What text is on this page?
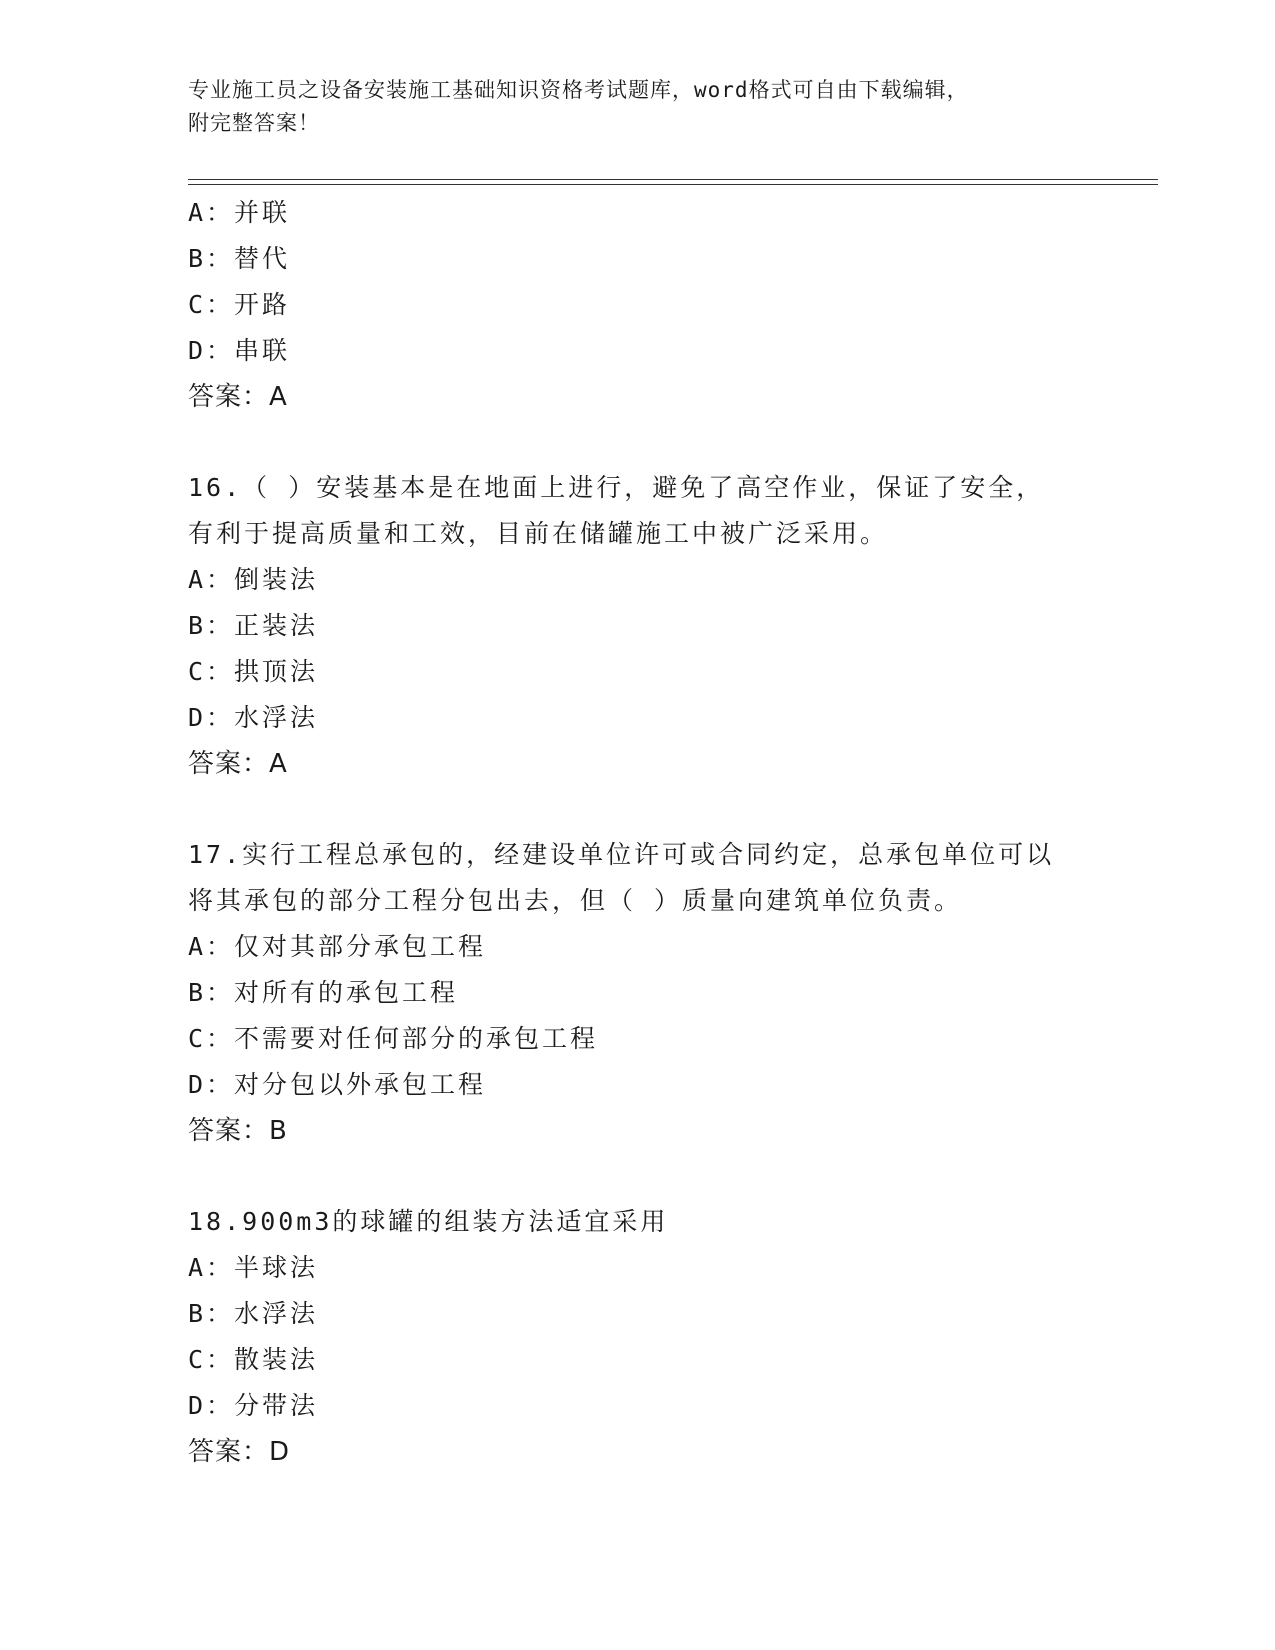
专业施工员之设备安装施工基础知识资格考试题库，word格式可自由下载编辑，
附完整答案！
A：并联
B：替代
C：开路
D：串联
答案：A
16.（ ）安装基本是在地面上进行，避免了高空作业，保证了安全，
有利于提高质量和工效，目前在储罐施工中被广泛采用。
A：倒装法
B：正装法
C：拱顶法
D：水浮法
答案：A
17.实行工程总承包的，经建设单位许可或合同约定，总承包单位可以
将其承包的部分工程分包出去，但（ ）质量向建筑单位负责。
A：仅对其部分承包工程
B：对所有的承包工程
C：不需要对任何部分的承包工程
D：对分包以外承包工程
答案：B
18.900m3的球罐的组装方法适宜采用
A：半球法
B：水浮法
C：散装法
D：分带法
答案：D
